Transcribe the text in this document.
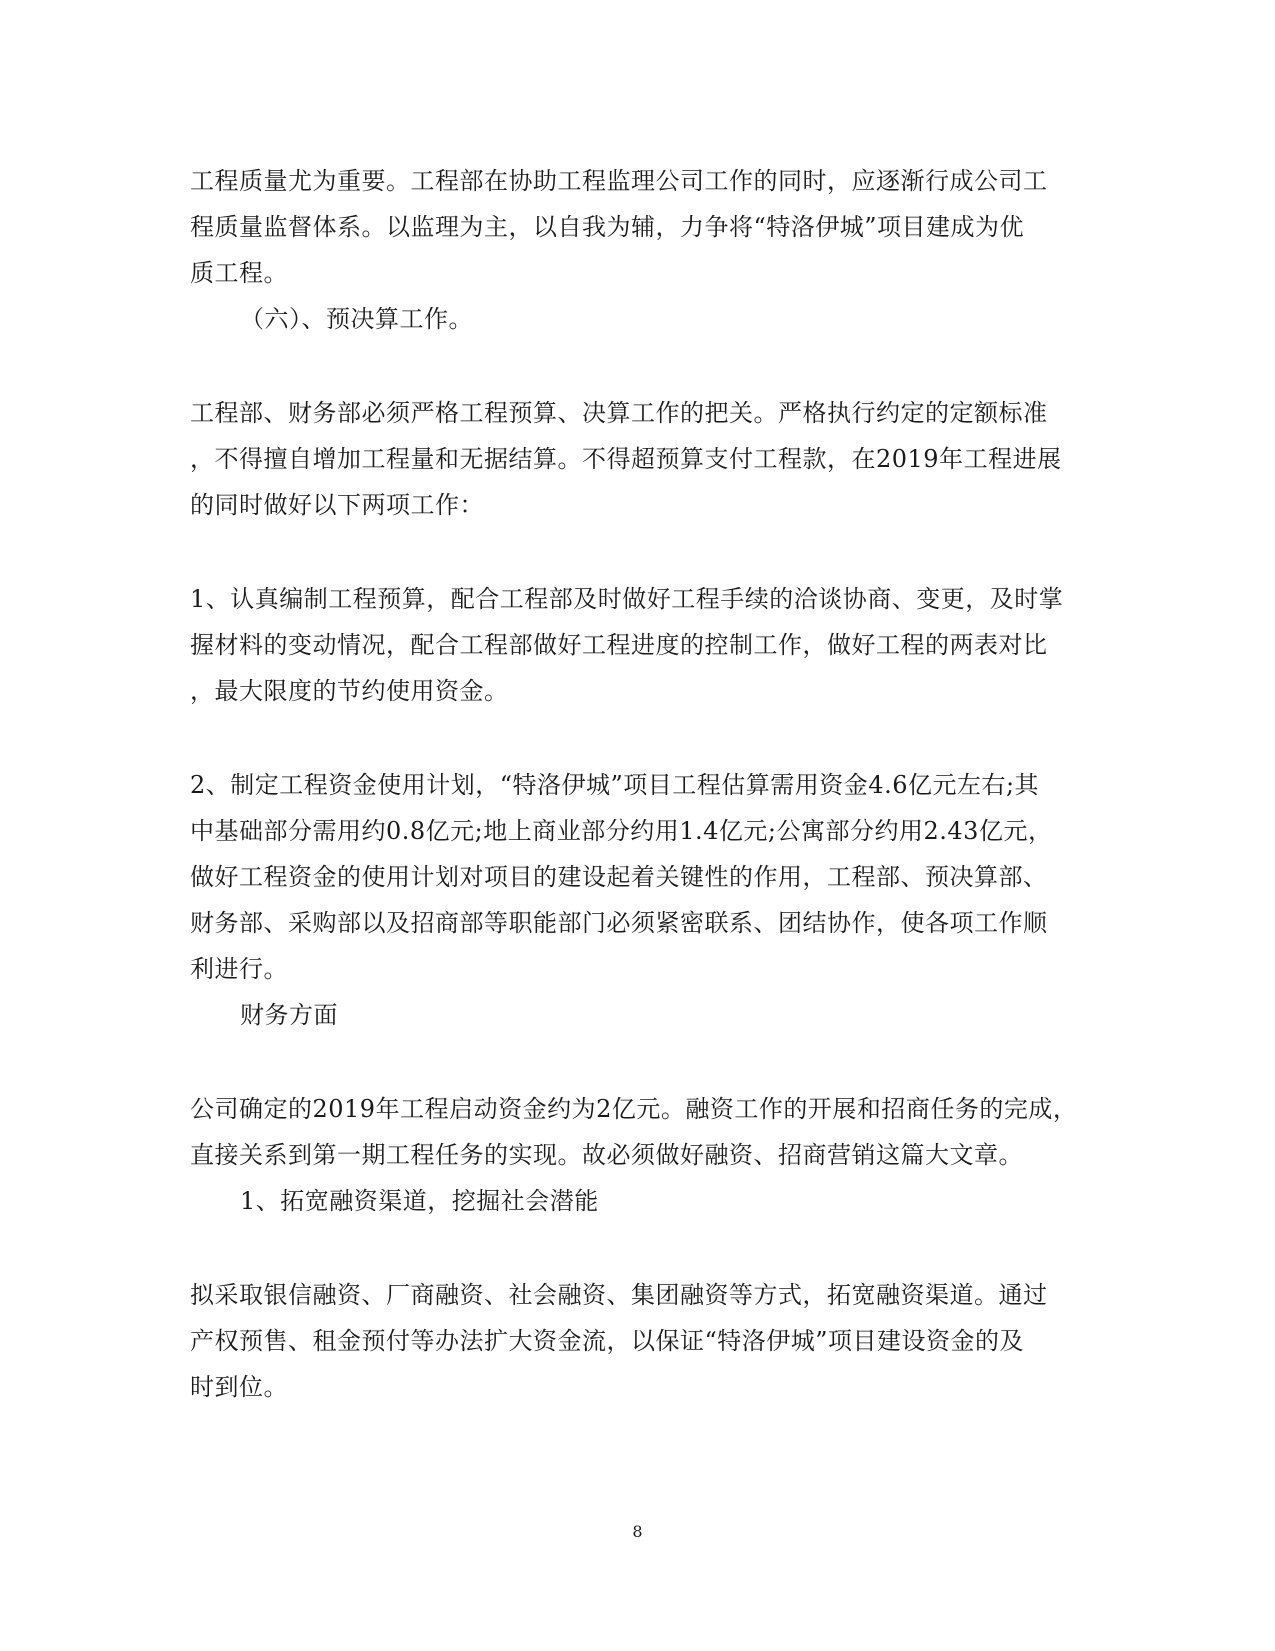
工程质量尤为重要。工程部在协助工程监理公司工作的同时，应逐渐行成公司工
程质量监督体系。以监理为主，以自我为辅，力争将“特洛伊城”项目建成为优
质工程。
（六）、预决算工作。
工程部、财务部必须严格工程预算、决算工作的把关。严格执行约定的定额标准
，不得擅自增加工程量和无据结算。不得超预算支付工程款，在2019年工程进展
的同时做好以下两项工作：
1、认真编制工程预算，配合工程部及时做好工程手续的洽谈协商、变更，及时掌
握材料的变动情况，配合工程部做好工程进度的控制工作，做好工程的两表对比
，最大限度的节约使用资金。
2、制定工程资金使用计划，“特洛伊城”项目工程估算需用资金4.6亿元左右;其
中基础部分需用约0.8亿元;地上商业部分约用1.4亿元;公寓部分约用2.43亿元，
做好工程资金的使用计划对项目的建设起着关键性的作用，工程部、预决算部、
财务部、采购部以及招商部等职能部门必须紧密联系、团结协作，使各项工作顺
利进行。
财务方面
公司确定的2019年工程启动资金约为2亿元。融资工作的开展和招商任务的完成，
直接关系到第一期工程任务的实现。故必须做好融资、招商营销这篇大文章。
1、拓宽融资渠道，挖掘社会潜能
拟采取银信融资、厂商融资、社会融资、集团融资等方式，拓宽融资渠道。通过
产权预售、租金预付等办法扩大资金流，以保证“特洛伊城”项目建设资金的及
时到位。
8
